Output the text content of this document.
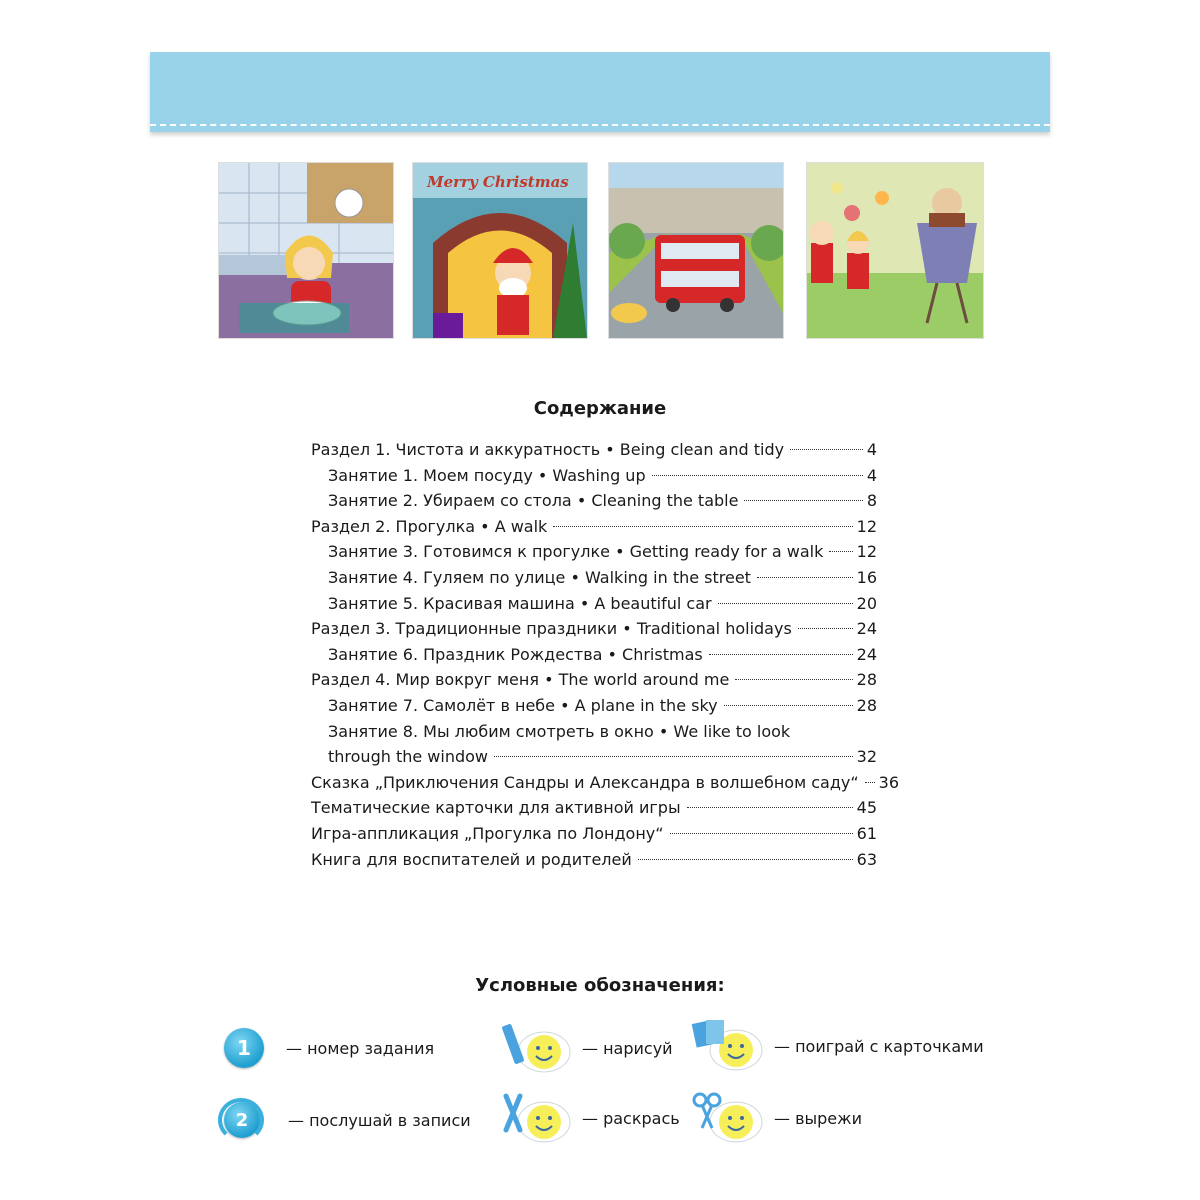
Merry Christmas
Содержание
Раздел 1. Чистота и аккуратность • Being clean and tidy	4
Занятие 1. Моем посуду • Washing up	4
Занятие 2. Убираем со стола • Cleaning the table	8
Раздел 2. Прогулка • A walk	12
Занятие 3. Готовимся к прогулке • Getting ready for a walk 12
Занятие 4. Гуляем по улице • Walking in the street	16
Занятие 5. Красивая машина • A beautiful car	20
Раздел 3. Традиционные праздники • Traditional holidays	24
Занятие 6. Праздник Рождества • Christmas	24
Раздел 4. Мир вокруг меня • The world around me	28
Занятие 7. Самолёт в небе • A plane in the sky	28
Занятие 8. Мы любим смотреть в окно • We like to look
through the window	32
Сказка „Приключения Сандры и Александра в волшебном саду“ 36
Тематические карточки для активной игры	45
Игра-аппликация „Прогулка по Лондону“	61
Книга для воспитателей и родителей	63
Условные обозначения:
1	— номер задания
2	— послушай в записи
— нарисуй
— раскрась
— поиграй с карточками
— вырежи
